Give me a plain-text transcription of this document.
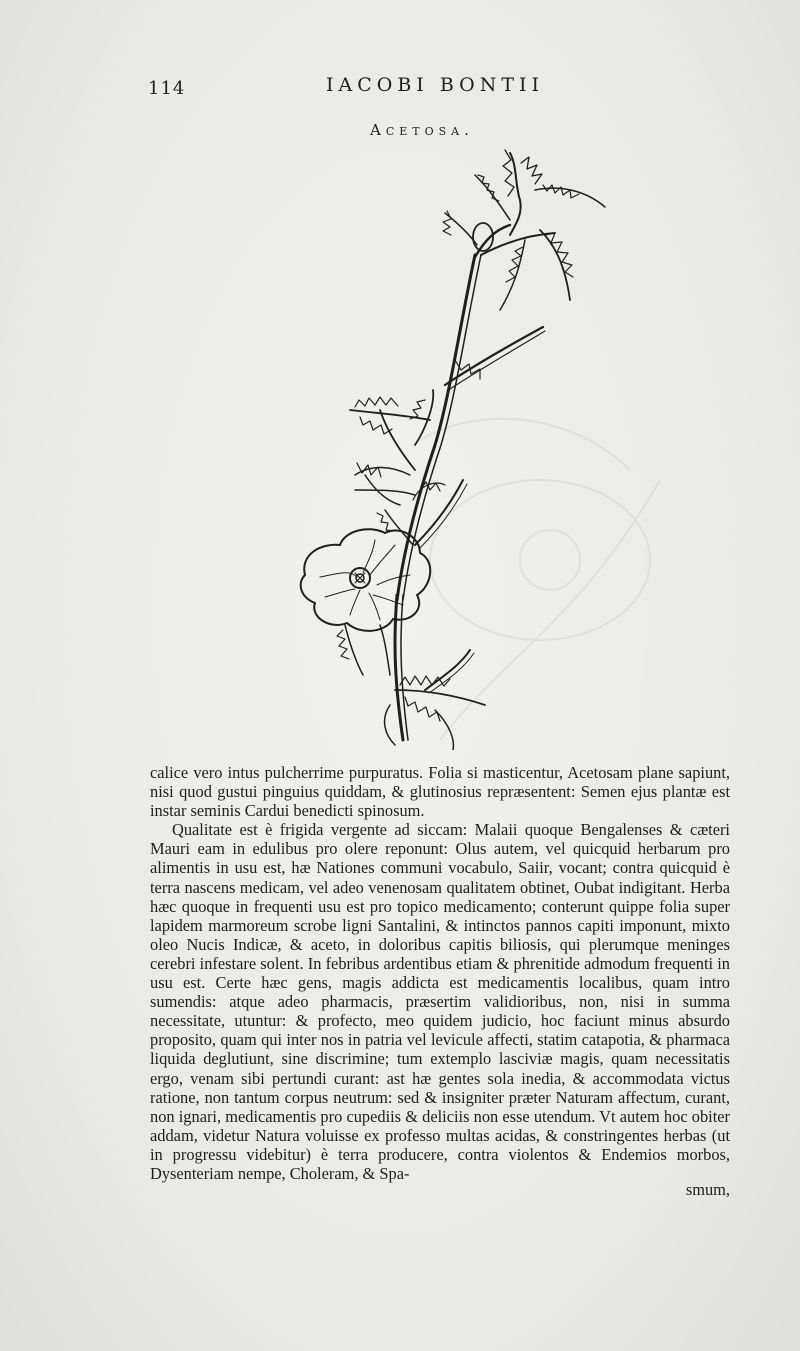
114	IACOBI BONTII
Acetosa.

calice vero intus pulcherrime purpuratus. Folia si masticentur, Acetosam plane sapiunt, nisi quod gustui pinguius quiddam, & glutinosius repræsentent: Semen ejus plantæ est instar seminis Cardui benedicti spinosum.

Qualitate est è frigida vergente ad siccam: Malaii quoque Bengalenses & cæteri Mauri eam in edulibus pro olere reponunt: Olus autem, vel quicquid herbarum pro alimentis in usu est, hæ Nationes communi vocabulo, Saiir, vocant; contra quicquid è terra nascens medicam, vel adeo venenosam qualitatem obtinet, Oubat indigitant. Herba hæc quoque in frequenti usu est pro topico medicamento; conterunt quippe folia super lapidem marmoreum scrobe ligni Santalini, & intinctos pannos capiti imponunt, mixto oleo Nucis Indicæ, & aceto, in doloribus capitis biliosis, qui plerumque meninges cerebri infestare solent. In febribus ardentibus etiam & phrenitide admodum frequenti in usu est. Certe hæc gens, magis addicta est medicamentis localibus, quam intro sumendis: atque adeo pharmacis, præsertim validioribus, non, nisi in summa necessitate, utuntur: & profecto, meo quidem judicio, hoc faciunt minus absurdo proposito, quam qui inter nos in patria vel levicule affecti, statim catapotia, & pharmaca liquida deglutiunt, sine discrimine; tum extemplo lasciviæ magis, quam necessitatis ergo, venam sibi pertundi curant: ast hæ gentes sola inedia, & accommodata victus ratione, non tantum corpus neutrum: sed & insigniter præter Naturam affectum, curant, non ignari, medicamentis pro cupediis & deliciis non esse utendum. Vt autem hoc obiter addam, videtur Natura voluisse ex professo multas acidas, & constringentes herbas (ut in progressu videbitur) è terra producere, contra violentos & Endemios morbos, Dysenteriam nempe, Choleram, & Spa-

smum,
